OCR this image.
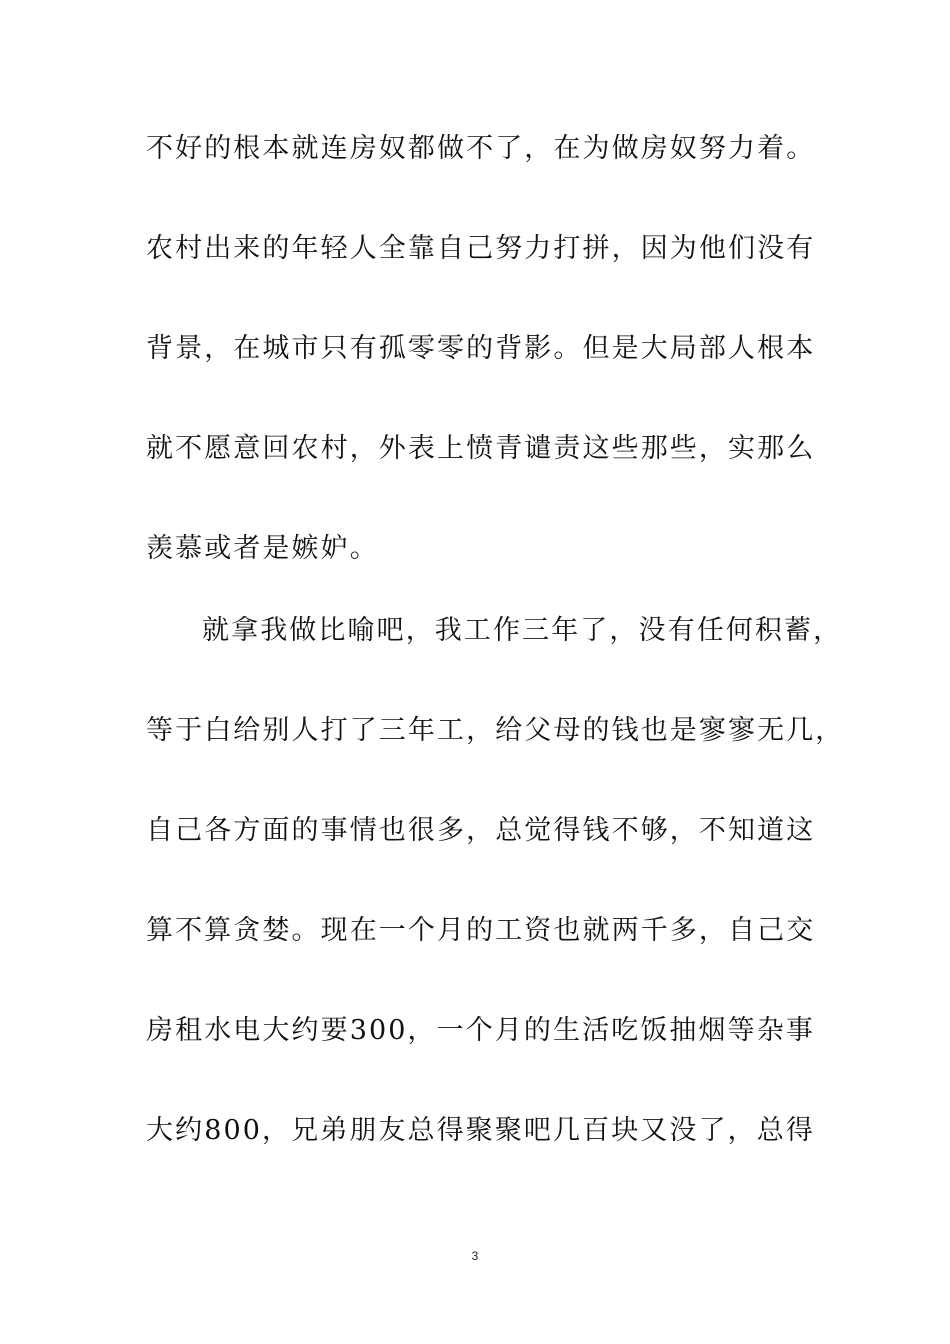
不好的根本就连房奴都做不了，在为做房奴努力着。
农村出来的年轻人全靠自己努力打拼，因为他们没有
背景，在城市只有孤零零的背影。但是大局部人根本
就不愿意回农村，外表上愤青谴责这些那些，实那么
羡慕或者是嫉妒。
就拿我做比喻吧，我工作三年了，没有任何积蓄，
等于白给别人打了三年工，给父母的钱也是寥寥无几，
自己各方面的事情也很多，总觉得钱不够，不知道这
算不算贪婪。现在一个月的工资也就两千多，自己交
房租水电大约要300，一个月的生活吃饭抽烟等杂事
大约800，兄弟朋友总得聚聚吧几百块又没了，总得
3
